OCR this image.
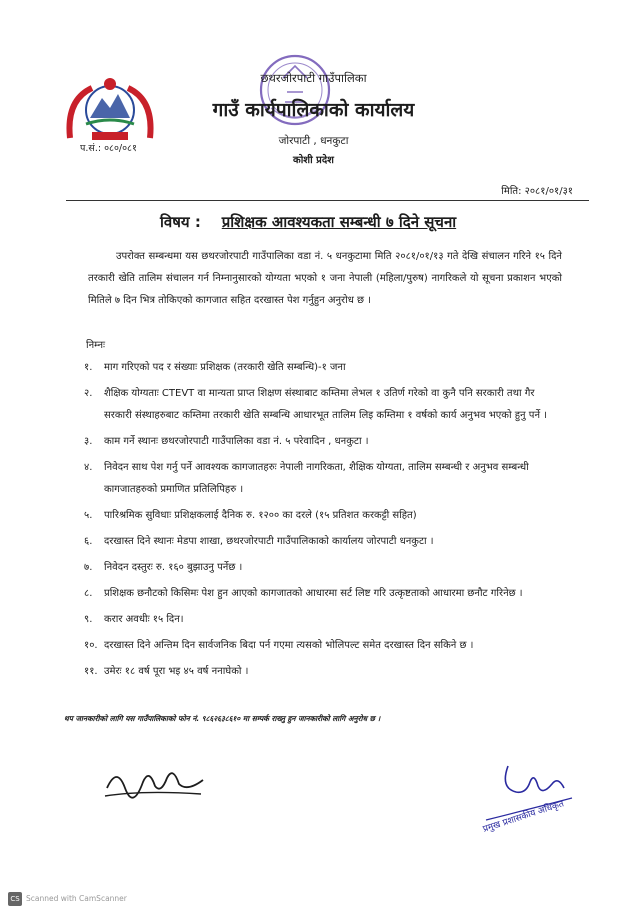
प.सं.: ०८०/०८१
छथरजोरपाटी गाउँपालिका
गाउँ कार्यपालिकाको कार्यालय
जोरपाटी , धनकुटा
कोशी प्रदेश
मिति: २०८१/०१/३१
विषय : प्रशिक्षक आवश्यकता सम्बन्धी ७ दिने सूचना
उपरोक्त सम्बन्धमा यस छथरजोरपाटी गाउँपालिका वडा नं. ५ धनकुटामा मिति २०८१/०१/१३ गते देखि संचालन गरिने १५ दिने तरकारी खेति तालिम संचालन गर्न निम्नानुसारको योग्यता भएको १ जना नेपाली (महिला/पुरुष) नागरिकले यो सूचना प्रकाशन भएको मितिले ७ दिन भित्र तोकिएको कागजात सहित दरखास्त पेश गर्नुहुन अनुरोध छ ।
निम्नः
१. माग गरिएको पद र संख्याः प्रशिक्षक (तरकारी खेति सम्बन्धि)-१ जना
२. शैक्षिक योग्यताः CTEVT वा मान्यता प्राप्त शिक्षण संस्थाबाट कम्तिमा लेभल १ उतिर्ण गरेको वा कुनै पनि सरकारी तथा गैर सरकारी संस्थाहरुबाट कम्तिमा तरकारी खेति सम्बन्धि आधारभूत तालिम लिइ कम्तिमा १ वर्षको कार्य अनुभव भएको हुनु पर्ने ।
३. काम गर्ने स्थानः छथरजोरपाटी गाउँपालिका वडा नं. ५ परेवादिन , धनकुटा ।
४. निवेदन साथ पेश गर्नु पर्ने आवश्यक कागजातहरुः नेपाली नागरिकता, शैक्षिक योग्यता, तालिम सम्बन्धी र अनुभव सम्बन्धी कागजातहरुको प्रमाणित प्रतिलिपिहरु ।
५. पारिश्रमिक सुविधाः प्रशिक्षकलाई दैनिक रु. १२०० का दरले (१५ प्रतिशत करकट्टी सहित)
६. दरखास्त दिने स्थानः मेडपा शाखा, छथरजोरपाटी गाउँपालिकाको कार्यालय जोरपाटी धनकुटा ।
७. निवेदन दस्तुरः रु. १६० बुझाउनु पर्नेछ ।
८. प्रशिक्षक छनौटको किसिमः पेश हुन आएको कागजातको आधारमा सर्ट लिष्ट गरि उत्कृष्टताको आधारमा छनौट गरिनेछ ।
९. करार अवधीः १५ दिन।
१०. दरखास्त दिने अन्तिम दिन सार्वजनिक बिदा पर्न गएमा त्यसको भोलिपल्ट समेत दरखास्त दिन सकिने छ ।
११. उमेरः १८ वर्ष पूरा भइ ४५ वर्ष ननाघेको ।
थप जानकारीको लागि यस गाउँपालिकाको फोन नं. ९८६२६३८६१० मा सम्पर्क राख्नु हुन जानकारीको लागि अनुरोध छ ।
प्रमुख प्रशासकीय अधिकृत
CS Scanned with CamScanner
